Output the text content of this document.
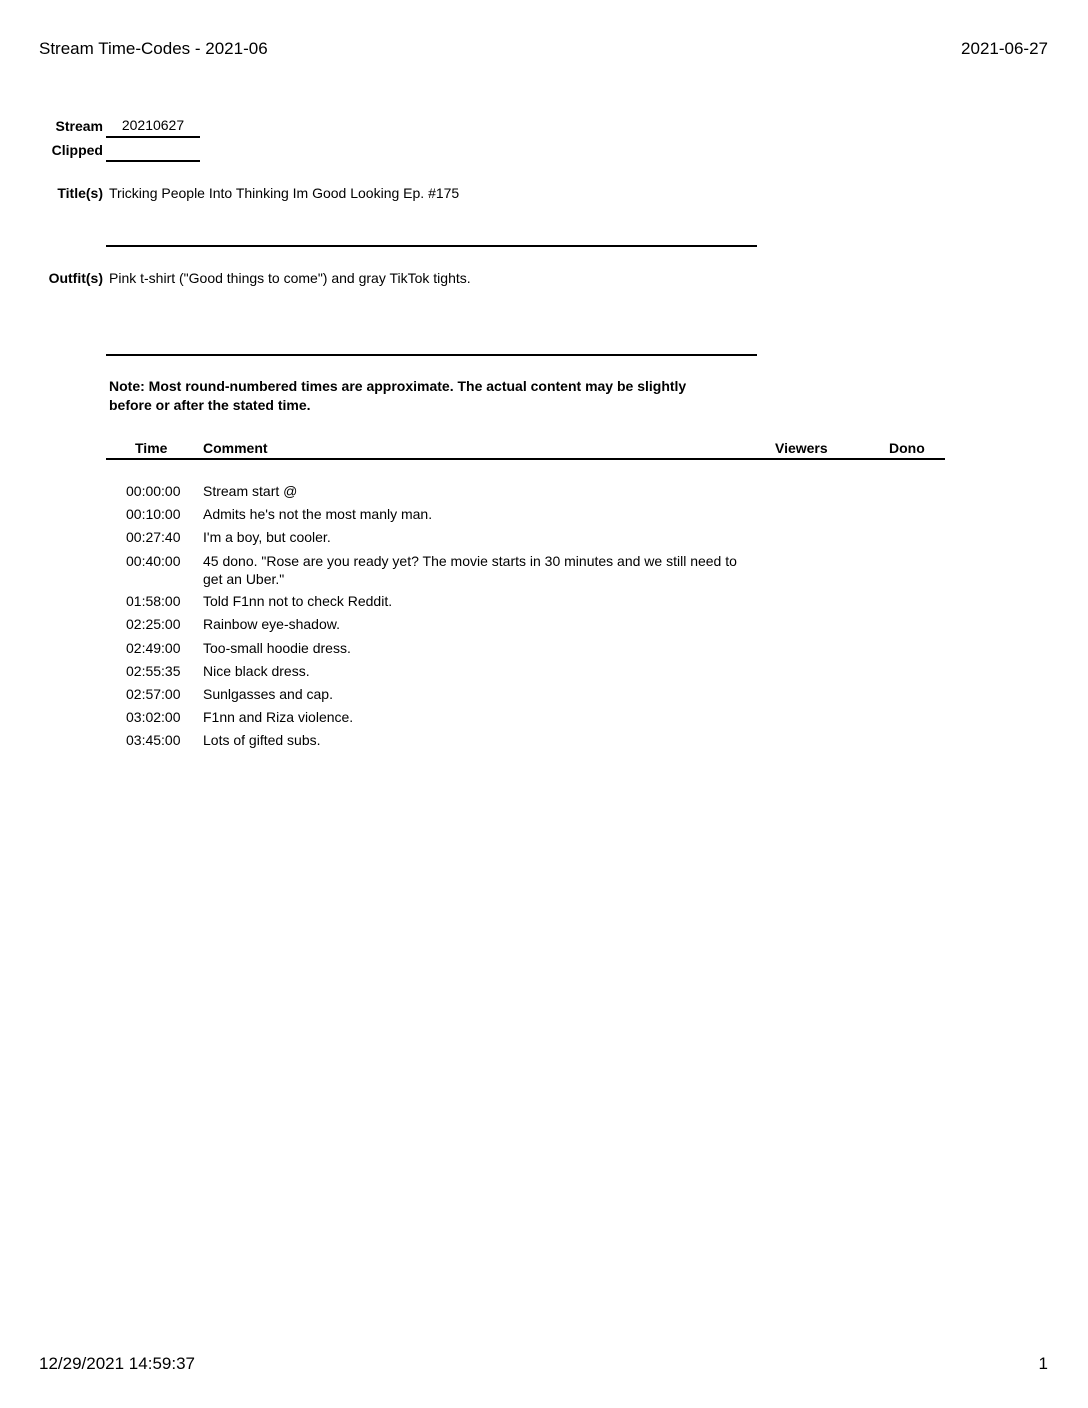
Stream Time-Codes - 2021-06	2021-06-27
Stream	20210627
Clipped
Title(s) Tricking People Into Thinking Im Good Looking Ep. #175
Outfit(s) Pink t-shirt ("Good things to come") and gray TikTok tights.
Note: Most round-numbered times are approximate. The actual content may be slightly before or after the stated time.
Time	Comment	Viewers	Dono
00:00:00	Stream start @
00:10:00	Admits he's not the most manly man.
00:27:40	I'm a boy, but cooler.
00:40:00	45 dono. "Rose are you ready yet? The movie starts in 30 minutes and we still need to get an Uber."
01:58:00	Told F1nn not to check Reddit.
02:25:00	Rainbow eye-shadow.
02:49:00	Too-small hoodie dress.
02:55:35	Nice black dress.
02:57:00	Sunlgasses and cap.
03:02:00	F1nn and Riza violence.
03:45:00	Lots of gifted subs.
12/29/2021 14:59:37	1
